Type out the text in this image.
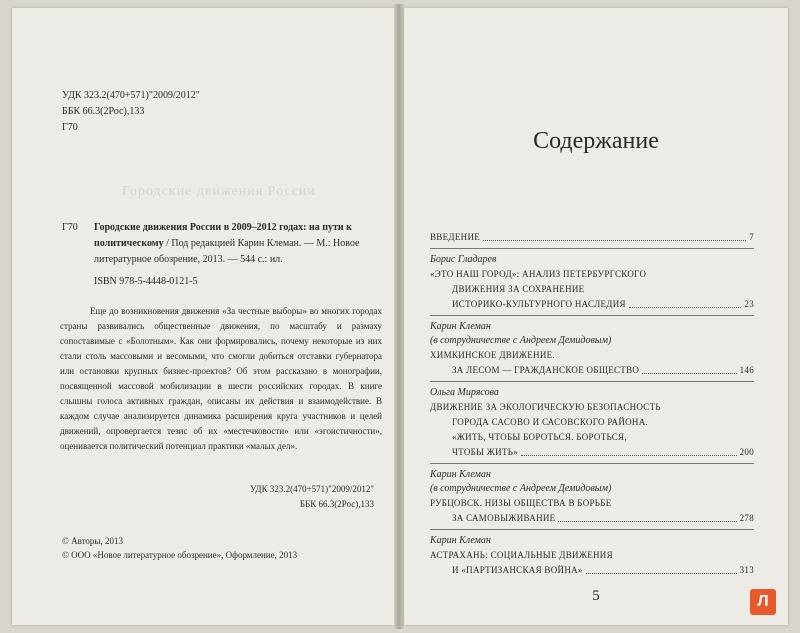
УДК 323.2(470+571)"2009/2012"
ББК 66.3(2Рос),133
Г70
Городские движения России
Г70 Городские движения России в 2009–2012 годах: на пути к политическому / Под редакцией Карин Клеман. — М.: Новое литературное обозрение, 2013. — 544 с.: ил.
ISBN 978-5-4448-0121-5
Еще до возникновения движения «За честные выборы» во многих городах страны развивались общественные движения, по масштабу и размаху сопоставимые с «Болотным». Как они формировались, почему некоторые из них стали столь массовыми и весомыми, что смогли добиться отставки губернатора или остановки крупных бизнес-проектов? Об этом рассказано в монографии, посвященной массовой мобилизации в шести российских городах. В книге слышны голоса активных граждан, описаны их действия и взаимодействие. В каждом случае анализируется динамика расширения круга участников и целей движений, опровергается тезис об их «местечковости» или «эгоистичности», оценивается политический потенциал практики «малых дел».
УДК 323.2(470+571)"2009/2012"
ББК 66.3(2Рос),133
© Авторы, 2013
© ООО «Новое литературное обозрение», Оформление, 2013
Содержание
ВВЕДЕНИЕ	7
Борис Гладарев
«ЭТО НАШ ГОРОД»: АНАЛИЗ ПЕТЕРБУРГСКОГО
ДВИЖЕНИЯ ЗА СОХРАНЕНИЕ
ИСТОРИКО-КУЛЬТУРНОГО НАСЛЕДИЯ	23
Карин Клеман
(в сотрудничестве с Андреем Демидовым)
ХИМКИНСКОЕ ДВИЖЕНИЕ.
ЗА ЛЕСОМ — ГРАЖДАНСКОЕ ОБЩЕСТВО	146
Ольга Мирясова
ДВИЖЕНИЕ ЗА ЭКОЛОГИЧЕСКУЮ БЕЗОПАСНОСТЬ
ГОРОДА САСОВО И САСОВСКОГО РАЙОНА.
«ЖИТЬ, ЧТОБЫ БОРОТЬСЯ. БОРОТЬСЯ,
ЧТОБЫ ЖИТЬ»	200
Карин Клеман
(в сотрудничестве с Андреем Демидовым)
РУБЦОВСК. НИЗЫ ОБЩЕСТВА В БОРЬБЕ
ЗА САМОВЫЖИВАНИЕ	278
Карин Клеман
АСТРАХАНЬ: СОЦИАЛЬНЫЕ ДВИЖЕНИЯ
И «ПАРТИЗАНСКАЯ ВОЙНА»	313
5	Л
